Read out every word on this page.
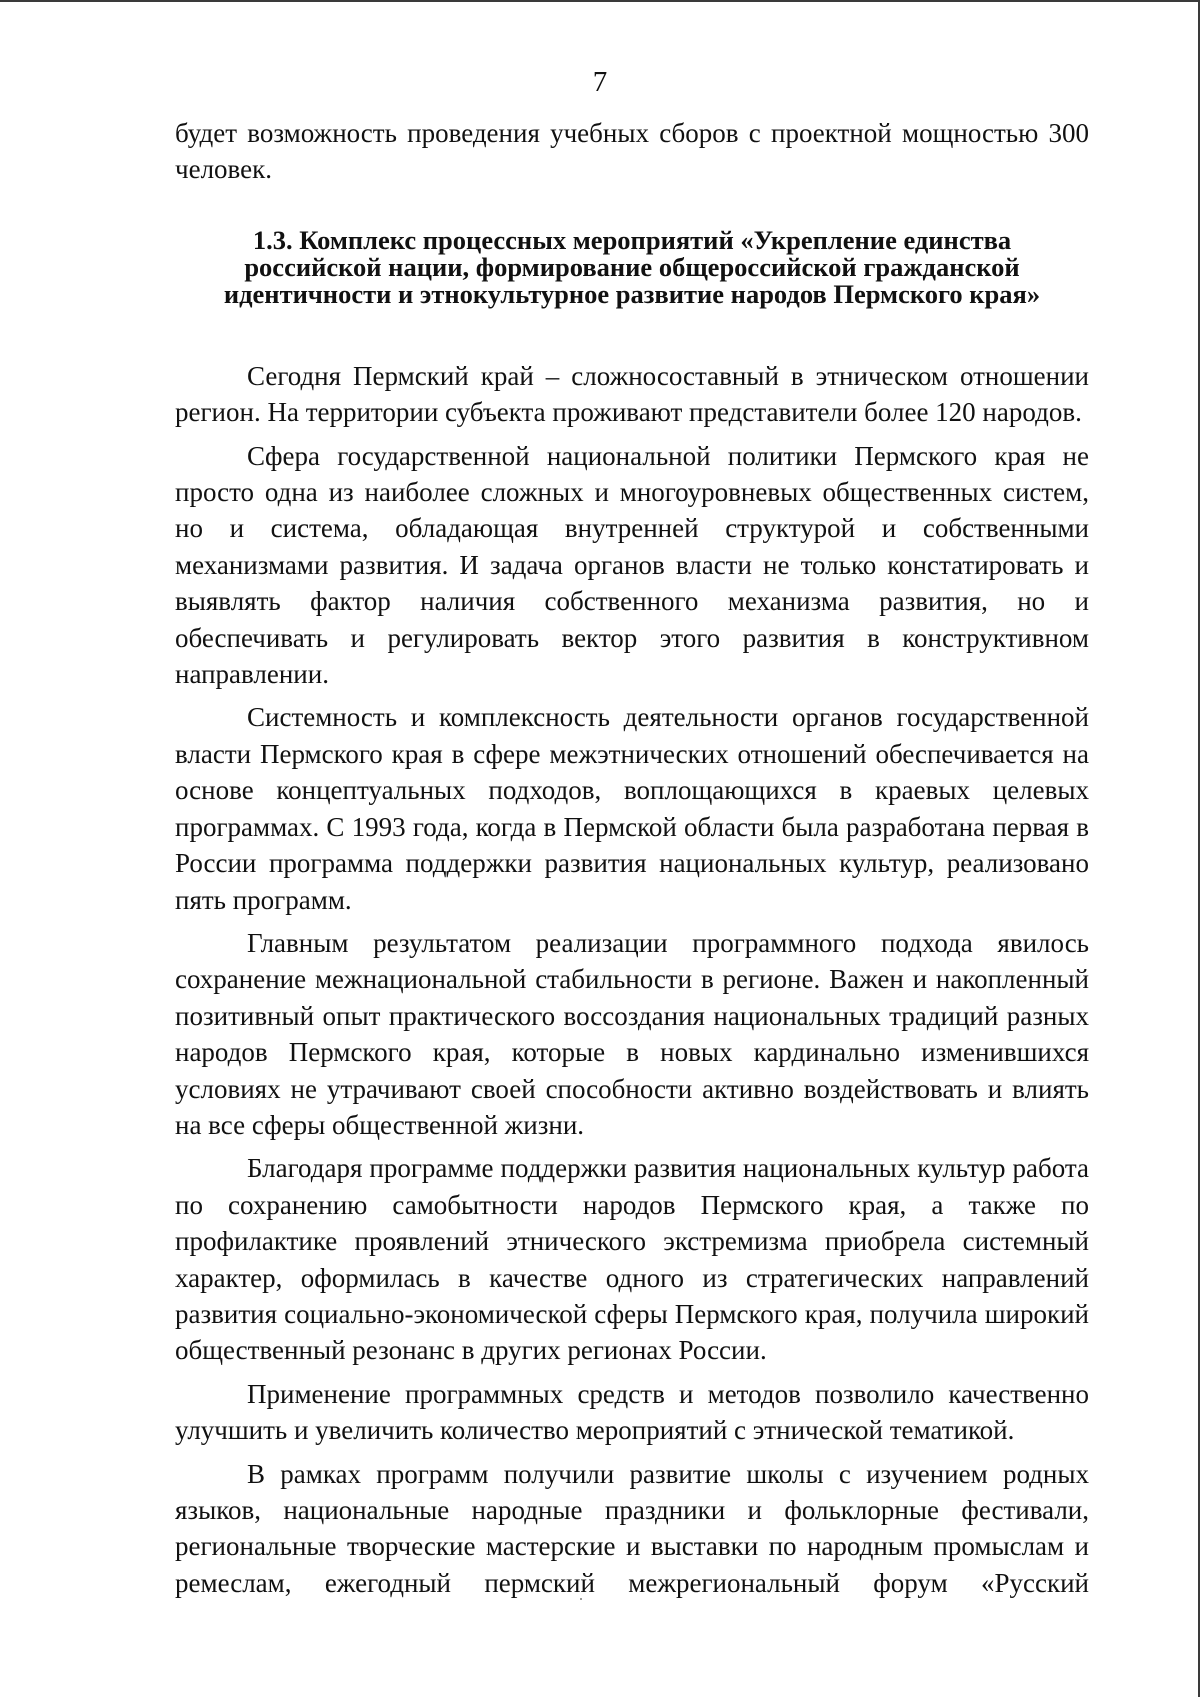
7

будет возможность проведения учебных сборов с проектной мощностью 300 человек.

1.3. Комплекс процессных мероприятий «Укрепление единства российской нации, формирование общероссийской гражданской идентичности и этнокультурное развитие народов Пермского края»

Сегодня Пермский край – сложносоставный в этническом отношении регион. На территории субъекта проживают представители более 120 народов.

Сфера государственной национальной политики Пермского края не просто одна из наиболее сложных и многоуровневых общественных систем, но и система, обладающая внутренней структурой и собственными механизмами развития. И задача органов власти не только констатировать и выявлять фактор наличия собственного механизма развития, но и обеспечивать и регулировать вектор этого развития в конструктивном направлении.

Системность и комплексность деятельности органов государственной власти Пермского края в сфере межэтнических отношений обеспечивается на основе концептуальных подходов, воплощающихся в краевых целевых программах. С 1993 года, когда в Пермской области была разработана первая в России программа поддержки развития национальных культур, реализовано пять программ.

Главным результатом реализации программного подхода явилось сохранение межнациональной стабильности в регионе. Важен и накопленный позитивный опыт практического воссоздания национальных традиций разных народов Пермского края, которые в новых кардинально изменившихся условиях не утрачивают своей способности активно воздействовать и влиять на все сферы общественной жизни.

Благодаря программе поддержки развития национальных культур работа по сохранению самобытности народов Пермского края, а также по профилактике проявлений этнического экстремизма приобрела системный характер, оформилась в качестве одного из стратегических направлений развития социально-экономической сферы Пермского края, получила широкий общественный резонанс в других регионах России.

Применение программных средств и методов позволило качественно улучшить и увеличить количество мероприятий с этнической тематикой.

В рамках программ получили развитие школы с изучением родных языков, национальные народные праздники и фольклорные фестивали, региональные творческие мастерские и выставки по народным промыслам и ремеслам, ежегодный пермский межрегиональный форум «Русский
